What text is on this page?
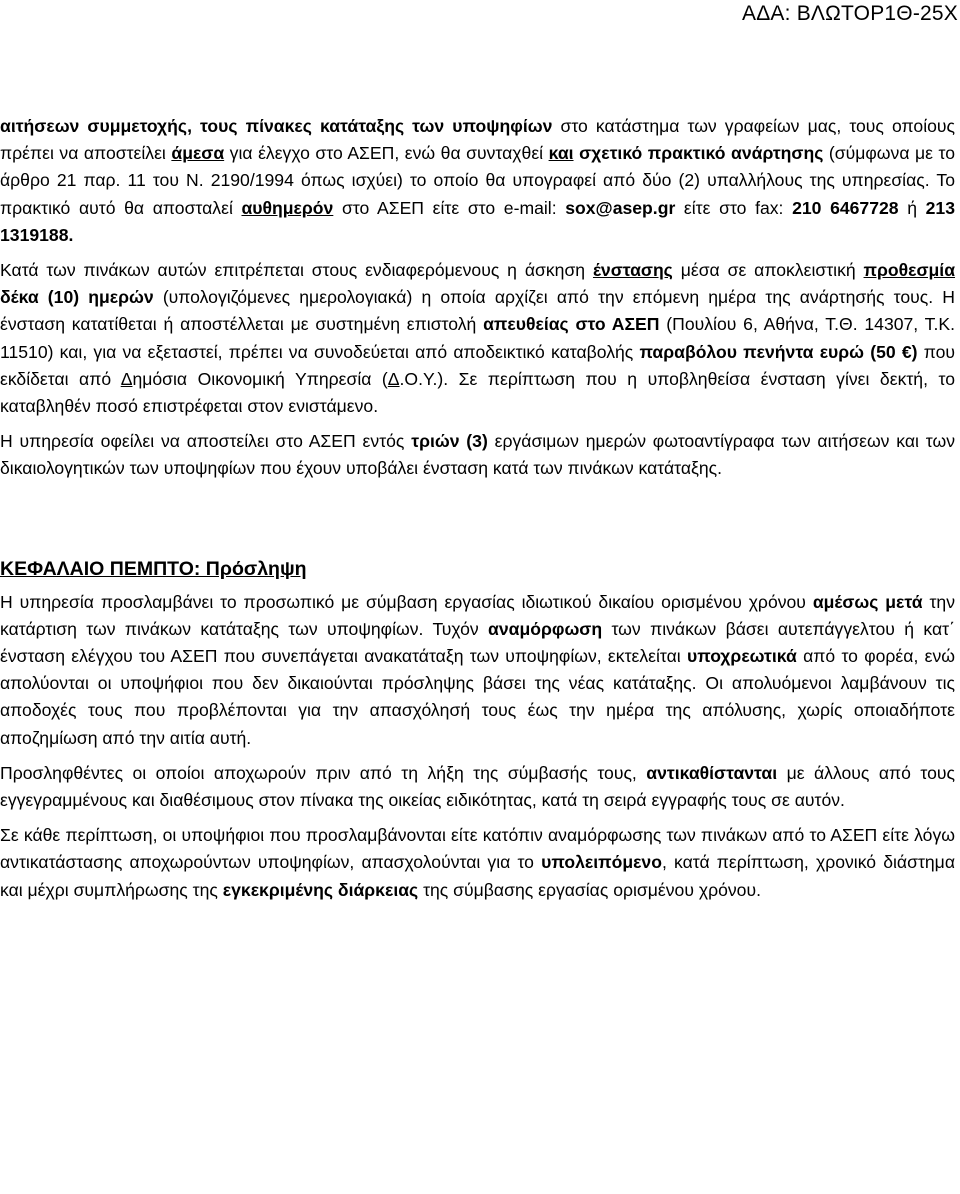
ΑΔΑ: ΒΛΩΤΟΡ1Θ-25Χ

αιτήσεων συμμετοχής, τους πίνακες κατάταξης των υποψηφίων στο κατάστημα των γραφείων μας, τους οποίους πρέπει να αποστείλει άμεσα για έλεγχο στο ΑΣΕΠ, ενώ θα συνταχθεί και σχετικό πρακτικό ανάρτησης (σύμφωνα με το άρθρο 21 παρ. 11 του Ν. 2190/1994 όπως ισχύει) το οποίο θα υπογραφεί από δύο (2) υπαλλήλους της υπηρεσίας. Το πρακτικό αυτό θα αποσταλεί αυθημερόν στο ΑΣΕΠ είτε στο e-mail: sox@asep.gr είτε στο fax: 210 6467728 ή 213 1319188.

Κατά των πινάκων αυτών επιτρέπεται στους ενδιαφερόμενους η άσκηση ένστασης μέσα σε αποκλειστική προθεσμία δέκα (10) ημερών (υπολογιζόμενες ημερολογιακά) η οποία αρχίζει από την επόμενη ημέρα της ανάρτησής τους. Η ένσταση κατατίθεται ή αποστέλλεται με συστημένη επιστολή απευθείας στο ΑΣΕΠ (Πουλίου 6, Αθήνα, Τ.Θ. 14307, Τ.Κ. 11510) και, για να εξεταστεί, πρέπει να συνοδεύεται από αποδεικτικό καταβολής παραβόλου πενήντα ευρώ (50 €) που εκδίδεται από Δημόσια Οικονομική Υπηρεσία (Δ.Ο.Υ.). Σε περίπτωση που η υποβληθείσα ένσταση γίνει δεκτή, το καταβληθέν ποσό επιστρέφεται στον ενιστάμενο.

Η υπηρεσία οφείλει να αποστείλει στο ΑΣΕΠ εντός τριών (3) εργάσιμων ημερών φωτοαντίγραφα των αιτήσεων και των δικαιολογητικών των υποψηφίων που έχουν υποβάλει ένσταση κατά των πινάκων κατάταξης.

ΚΕΦΑΛΑΙΟ ΠΕΜΠΤΟ: Πρόσληψη

Η υπηρεσία προσλαμβάνει το προσωπικό με σύμβαση εργασίας ιδιωτικού δικαίου ορισμένου χρόνου αμέσως μετά την κατάρτιση των πινάκων κατάταξης των υποψηφίων. Τυχόν αναμόρφωση των πινάκων βάσει αυτεπάγγελτου ή κατ΄ ένσταση ελέγχου του ΑΣΕΠ που συνεπάγεται ανακατάταξη των υποψηφίων, εκτελείται υποχρεωτικά από το φορέα, ενώ απολύονται οι υποψήφιοι που δεν δικαιούνται πρόσληψης βάσει της νέας κατάταξης. Οι απολυόμενοι λαμβάνουν τις αποδοχές τους που προβλέπονται για την απασχόλησή τους έως την ημέρα της απόλυσης, χωρίς οποιαδήποτε αποζημίωση από την αιτία αυτή.

Προσληφθέντες οι οποίοι αποχωρούν πριν από τη λήξη της σύμβασής τους, αντικαθίστανται με άλλους από τους εγγεγραμμένους και διαθέσιμους στον πίνακα της οικείας ειδικότητας, κατά τη σειρά εγγραφής τους σε αυτόν.

Σε κάθε περίπτωση, οι υποψήφιοι που προσλαμβάνονται είτε κατόπιν αναμόρφωσης των πινάκων από το ΑΣΕΠ είτε λόγω αντικατάστασης αποχωρούντων υποψηφίων, απασχολούνται για το υπολειπόμενο, κατά περίπτωση, χρονικό διάστημα και μέχρι συμπλήρωσης της εγκεκριμένης διάρκειας της σύμβασης εργασίας ορισμένου χρόνου.
